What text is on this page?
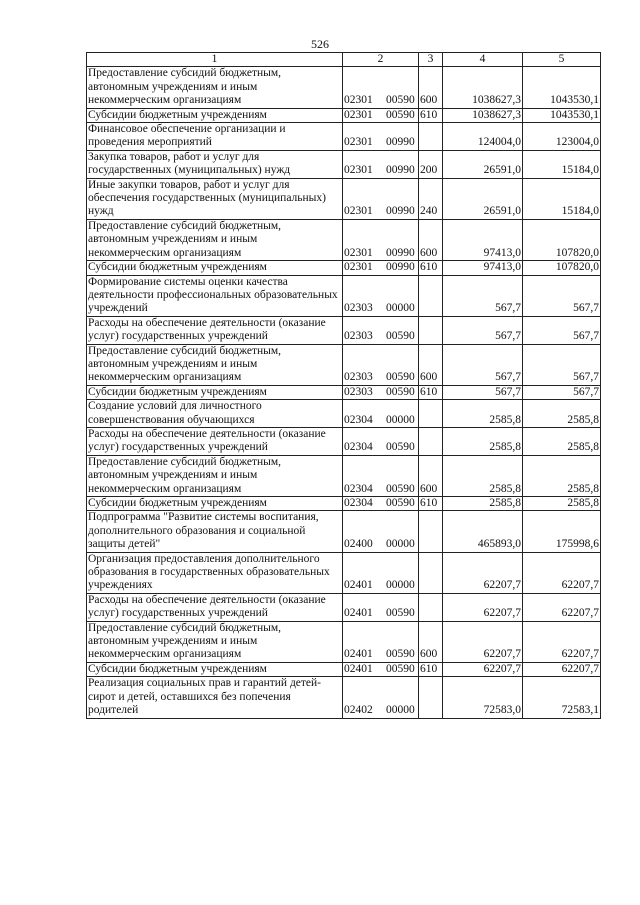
526
1	2	3	4	5
Предоставление субсидий бюджетным, автономным учреждениям и иным некоммерческим организациям	02301 00590	600	1038627,3	1043530,1
Субсидии бюджетным учреждениям	02301 00590	610	1038627,3	1043530,1
Финансовое обеспечение организации и проведения мероприятий	02301 00990		124004,0	123004,0
Закупка товаров, работ и услуг для государственных (муниципальных) нужд	02301 00990	200	26591,0	15184,0
Иные закупки товаров, работ и услуг для обеспечения государственных (муниципальных) нужд	02301 00990	240	26591,0	15184,0
Предоставление субсидий бюджетным, автономным учреждениям и иным некоммерческим организациям	02301 00990	600	97413,0	107820,0
Субсидии бюджетным учреждениям	02301 00990	610	97413,0	107820,0
Формирование системы оценки качества деятельности профессиональных образовательных учреждений	02303 00000		567,7	567,7
Расходы на обеспечение деятельности (оказание услуг) государственных учреждений	02303 00590		567,7	567,7
Предоставление субсидий бюджетным, автономным учреждениям и иным некоммерческим организациям	02303 00590	600	567,7	567,7
Субсидии бюджетным учреждениям	02303 00590	610	567,7	567,7
Создание условий для личностного совершенствования обучающихся	02304 00000		2585,8	2585,8
Расходы на обеспечение деятельности (оказание услуг) государственных учреждений	02304 00590		2585,8	2585,8
Предоставление субсидий бюджетным, автономным учреждениям и иным некоммерческим организациям	02304 00590	600	2585,8	2585,8
Субсидии бюджетным учреждениям	02304 00590	610	2585,8	2585,8
Подпрограмма "Развитие системы воспитания, дополнительного образования и социальной защиты детей"	02400 00000		465893,0	175998,6
Организация предоставления дополнительного образования в государственных образовательных учреждениях	02401 00000		62207,7	62207,7
Расходы на обеспечение деятельности (оказание услуг) государственных учреждений	02401 00590		62207,7	62207,7
Предоставление субсидий бюджетным, автономным учреждениям и иным некоммерческим организациям	02401 00590	600	62207,7	62207,7
Субсидии бюджетным учреждениям	02401 00590	610	62207,7	62207,7
Реализация социальных прав и гарантий детей-сирот и детей, оставшихся без попечения родителей	02402 00000		72583,0	72583,1
